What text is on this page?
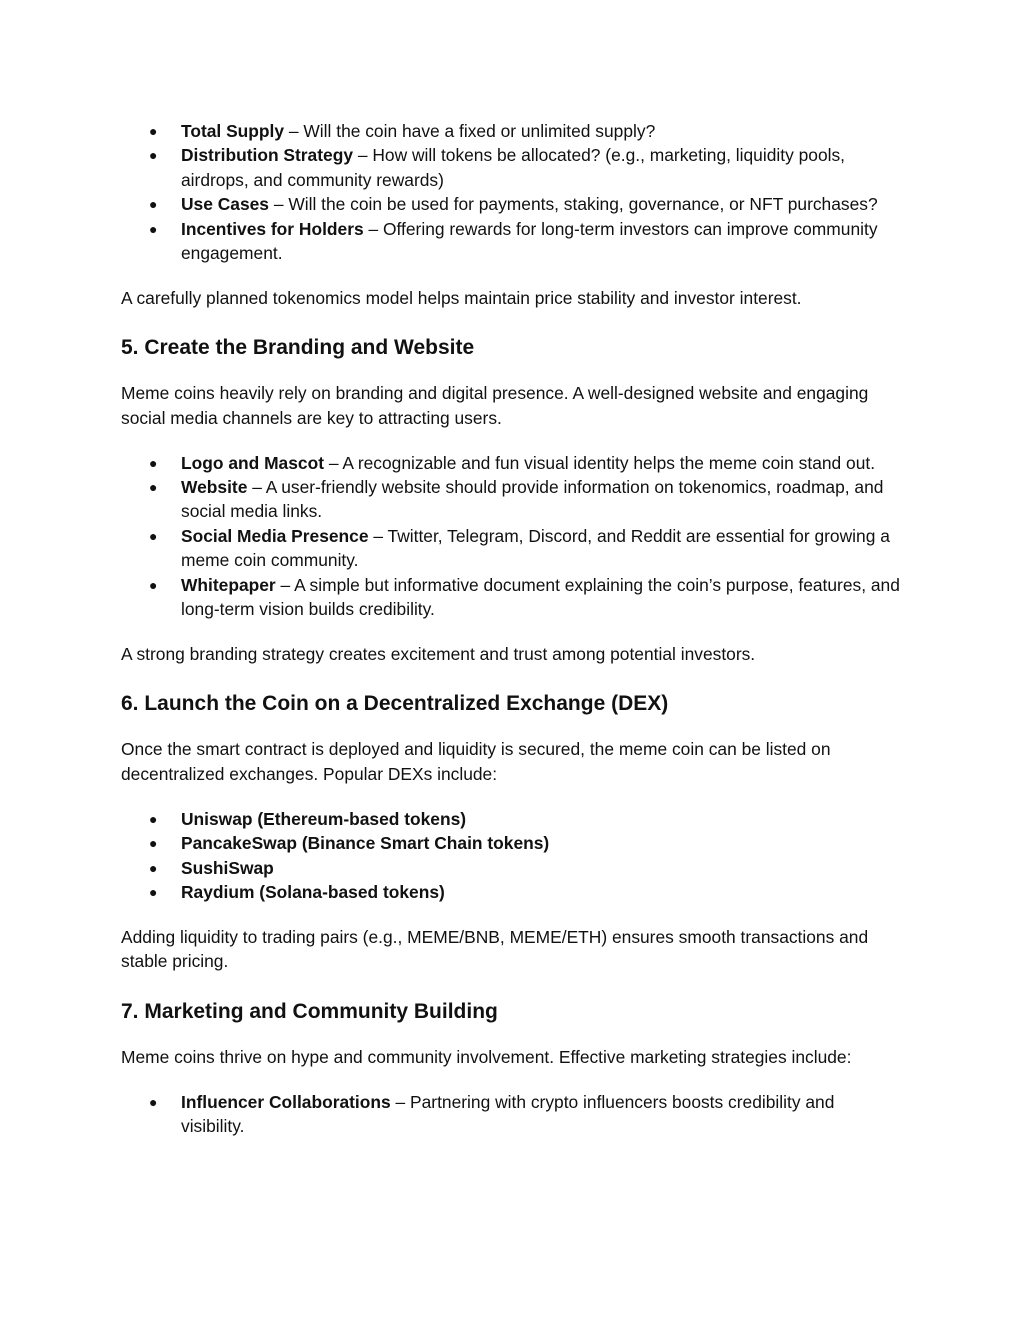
● Total Supply – Will the coin have a fixed or unlimited supply?
● Distribution Strategy – How will tokens be allocated? (e.g., marketing, liquidity pools, airdrops, and community rewards)
● Use Cases – Will the coin be used for payments, staking, governance, or NFT purchases?
● Incentives for Holders – Offering rewards for long-term investors can improve community engagement.

A carefully planned tokenomics model helps maintain price stability and investor interest.

5. Create the Branding and Website

Meme coins heavily rely on branding and digital presence. A well-designed website and engaging social media channels are key to attracting users.

● Logo and Mascot – A recognizable and fun visual identity helps the meme coin stand out.
● Website – A user-friendly website should provide information on tokenomics, roadmap, and social media links.
● Social Media Presence – Twitter, Telegram, Discord, and Reddit are essential for growing a meme coin community.
● Whitepaper – A simple but informative document explaining the coin’s purpose, features, and long-term vision builds credibility.

A strong branding strategy creates excitement and trust among potential investors.

6. Launch the Coin on a Decentralized Exchange (DEX)

Once the smart contract is deployed and liquidity is secured, the meme coin can be listed on decentralized exchanges. Popular DEXs include:

● Uniswap (Ethereum-based tokens)
● PancakeSwap (Binance Smart Chain tokens)
● SushiSwap
● Raydium (Solana-based tokens)

Adding liquidity to trading pairs (e.g., MEME/BNB, MEME/ETH) ensures smooth transactions and stable pricing.

7. Marketing and Community Building

Meme coins thrive on hype and community involvement. Effective marketing strategies include:

● Influencer Collaborations – Partnering with crypto influencers boosts credibility and visibility.
